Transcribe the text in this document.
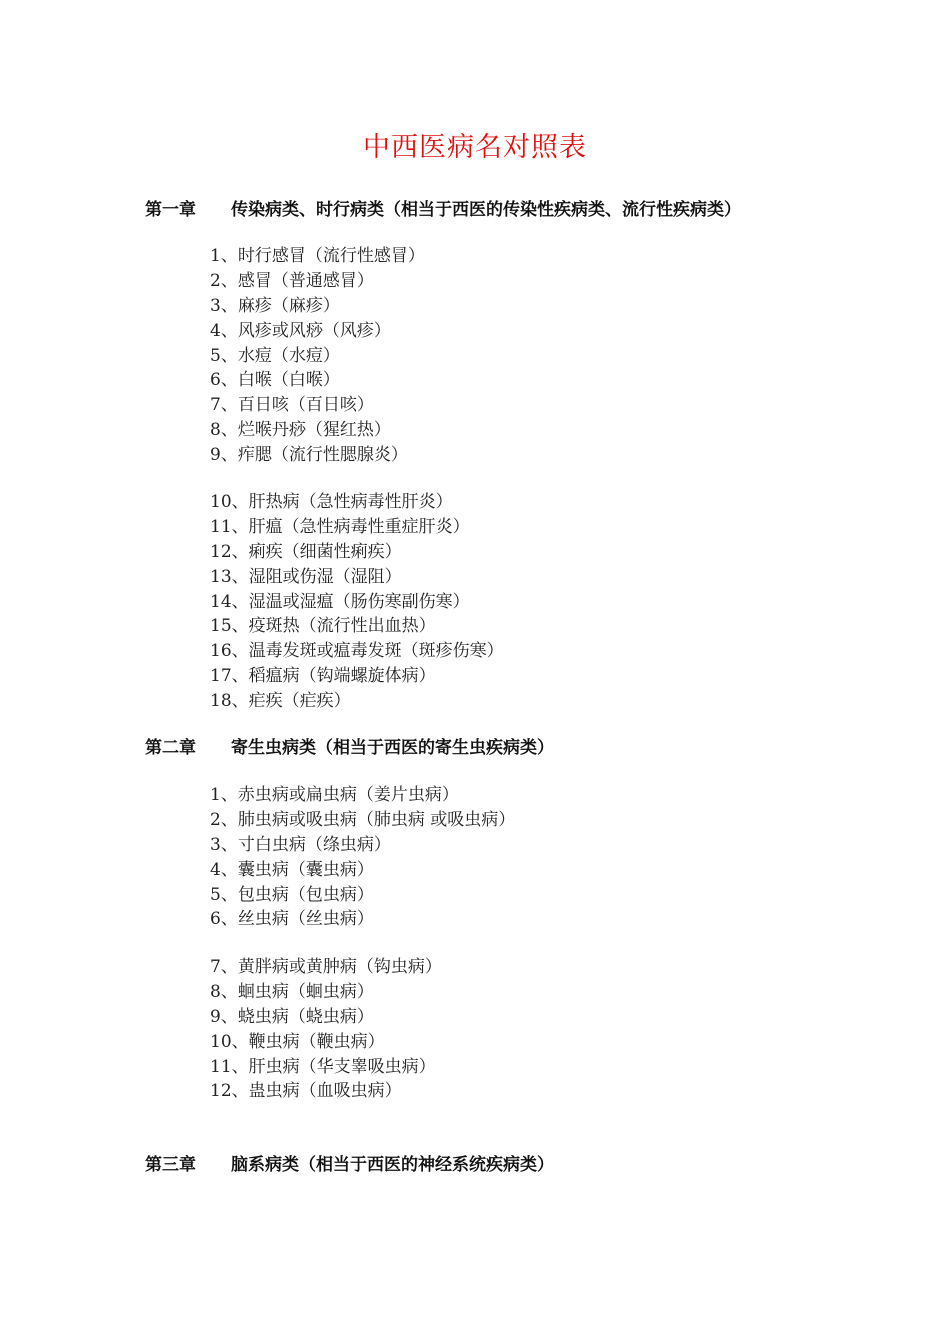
中西医病名对照表
第一章 传染病类、时行病类（相当于西医的传染性疾病类、流行性疾病类）
1、时行感冒（流行性感冒）
2、感冒（普通感冒）
3、麻疹（麻疹）
4、风疹或风痧（风疹）
5、水痘（水痘）
6、白喉（白喉）
7、百日咳（百日咳）
8、烂喉丹痧（猩红热）
9、痄腮（流行性腮腺炎）
10、肝热病（急性病毒性肝炎）
11、肝瘟（急性病毒性重症肝炎）
12、痢疾（细菌性痢疾）
13、湿阻或伤湿（湿阻）
14、湿温或湿瘟（肠伤寒副伤寒）
15、疫斑热（流行性出血热）
16、温毒发斑或瘟毒发斑（斑疹伤寒）
17、稻瘟病（钩端螺旋体病）
18、疟疾（疟疾）
第二章 寄生虫病类（相当于西医的寄生虫疾病类）
1、赤虫病或扁虫病（姜片虫病）
2、肺虫病或吸虫病（肺虫病 或吸虫病）
3、寸白虫病（绦虫病）
4、囊虫病（囊虫病）
5、包虫病（包虫病）
6、丝虫病（丝虫病）
7、黄胖病或黄肿病（钩虫病）
8、蛔虫病（蛔虫病）
9、蛲虫病（蛲虫病）
10、鞭虫病（鞭虫病）
11、肝虫病（华支睾吸虫病）
12、蛊虫病（血吸虫病）
第三章 脑系病类（相当于西医的神经系统疾病类）
